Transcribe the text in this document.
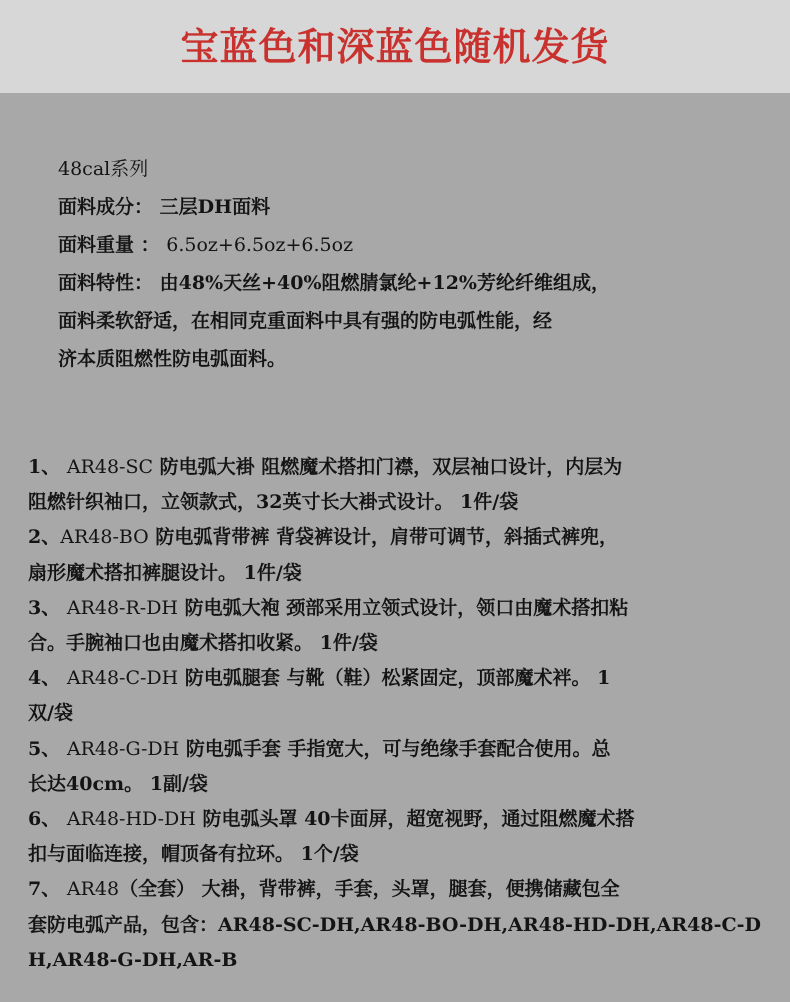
宝蓝色和深蓝色随机发货
48cal系列
面料成分： 三层DH面料
面料重量 ： 6.5oz+6.5oz+6.5oz
面料特性： 由48%天丝+40%阻燃腈氯纶+12%芳纶纤维组成，
面料柔软舒适，在相同克重面料中具有强的防电弧性能，经
济本质阻燃性防电弧面料。
1、 AR48-SC 防电弧大褂 阻燃魔术搭扣门襟，双层袖口设计，内层为
阻燃针织袖口，立领款式，32英寸长大褂式设计。 1件/袋
2、AR48-BO 防电弧背带裤 背袋裤设计，肩带可调节，斜插式裤兜，
扇形魔术搭扣裤腿设计。 1件/袋
3、 AR48-R-DH 防电弧大袍 颈部采用立领式设计，领口由魔术搭扣粘
合。手腕袖口也由魔术搭扣收紧。 1件/袋
4、 AR48-C-DH 防电弧腿套 与靴（鞋）松紧固定，顶部魔术袢。 1
双/袋
5、 AR48-G-DH 防电弧手套 手指宽大，可与绝缘手套配合使用。总
长达40cm。 1副/袋
6、 AR48-HD-DH 防电弧头罩 40卡面屏，超宽视野，通过阻燃魔术搭
扣与面临连接，帽顶备有拉环。 1个/袋
7、 AR48（全套） 大褂，背带裤，手套，头罩，腿套，便携储藏包全
套防电弧产品，包含：AR48-SC-DH,AR48-BO-DH,AR48-HD-DH,AR48-C-D
H,AR48-G-DH,AR-B
